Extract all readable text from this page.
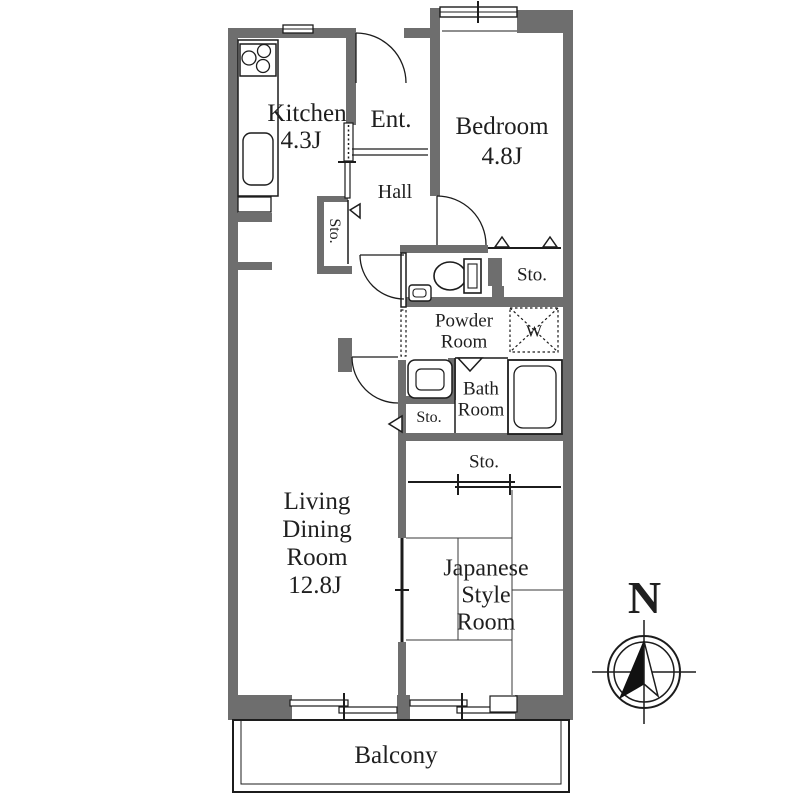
Kitchen
4.3J
Ent.
Hall
Bedroom
4.8J
Sto.
Sto.
Powder Room
W
Bath Room
Sto.
Sto.
Living Dining Room
12.8J
Japanese Style Room
Balcony
N
